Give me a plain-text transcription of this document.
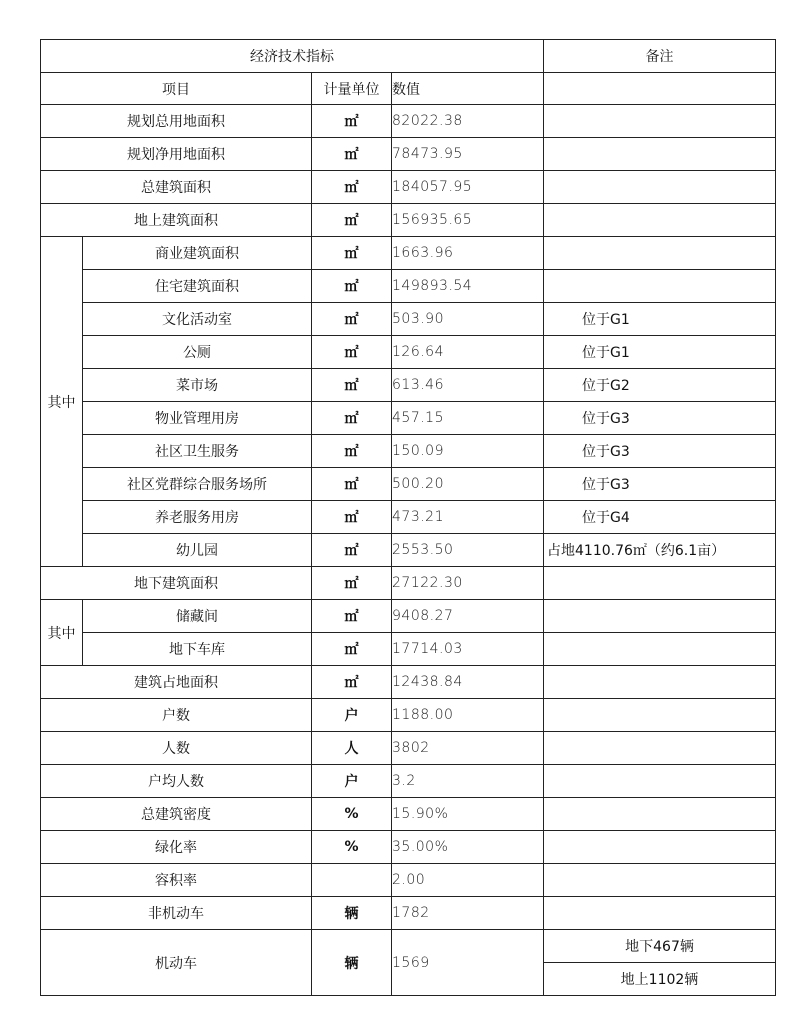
经济技术指标				备注
项目		计量单位	数值	
规划总用地面积		㎡	82022.38	
规划净用地面积		㎡	78473.95	
总建筑面积		㎡	184057.95	
地上建筑面积		㎡	156935.65	
其中	商业建筑面积	㎡	1663.96	
	住宅建筑面积	㎡	149893.54	
	文化活动室	㎡	503.90	位于G1
	公厕	㎡	126.64	位于G1
	菜市场	㎡	613.46	位于G2
	物业管理用房	㎡	457.15	位于G3
	社区卫生服务	㎡	150.09	位于G3
	社区党群综合服务场所	㎡	500.20	位于G3
	养老服务用房	㎡	473.21	位于G4
	幼儿园	㎡	2553.50	占地4110.76㎡（约6.1亩）
地下建筑面积		㎡	27122.30	
其中	储藏间	㎡	9408.27	
	地下车库	㎡	17714.03	
建筑占地面积		㎡	12438.84	
户数		户	1188.00	
人数		人	3802	
户均人数		户	3.2	
总建筑密度		%	15.90%	
绿化率		%	35.00%	
容积率			2.00	
非机动车		辆	1782	
机动车		辆	1569	地下467辆
				地上1102辆
